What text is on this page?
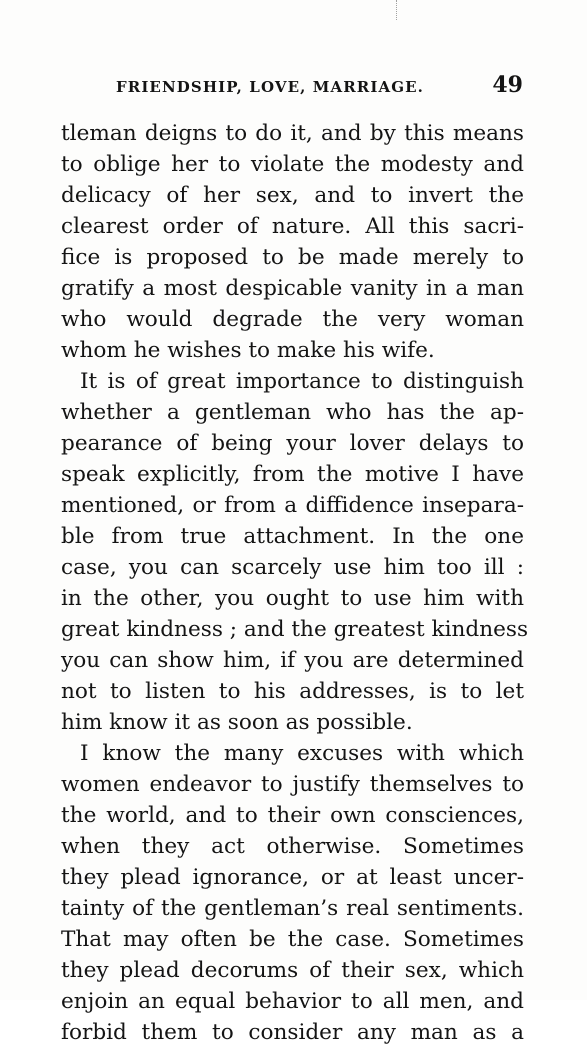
FRIENDSHIP, LOVE, MARRIAGE.	49
tleman deigns to do it, and by this means
to oblige her to violate the modesty and
delicacy of her sex, and to invert the
clearest order of nature. All this sacri-
fice is proposed to be made merely to
gratify a most despicable vanity in a man
who would degrade the very woman
whom he wishes to make his wife.
It is of great importance to distinguish
whether a gentleman who has the ap-
pearance of being your lover delays to
speak explicitly, from the motive I have
mentioned, or from a diffidence insepara-
ble from true attachment. In the one
case, you can scarcely use him too ill :
in the other, you ought to use him with
great kindness ; and the greatest kindness
you can show him, if you are determined
not to listen to his addresses, is to let
him know it as soon as possible.
I know the many excuses with which
women endeavor to justify themselves to
the world, and to their own consciences,
when they act otherwise. Sometimes
they plead ignorance, or at least uncer-
tainty of the gentleman’s real sentiments.
That may often be the case. Sometimes
they plead decorums of their sex, which
enjoin an equal behavior to all men, and
forbid them to consider any man as a
